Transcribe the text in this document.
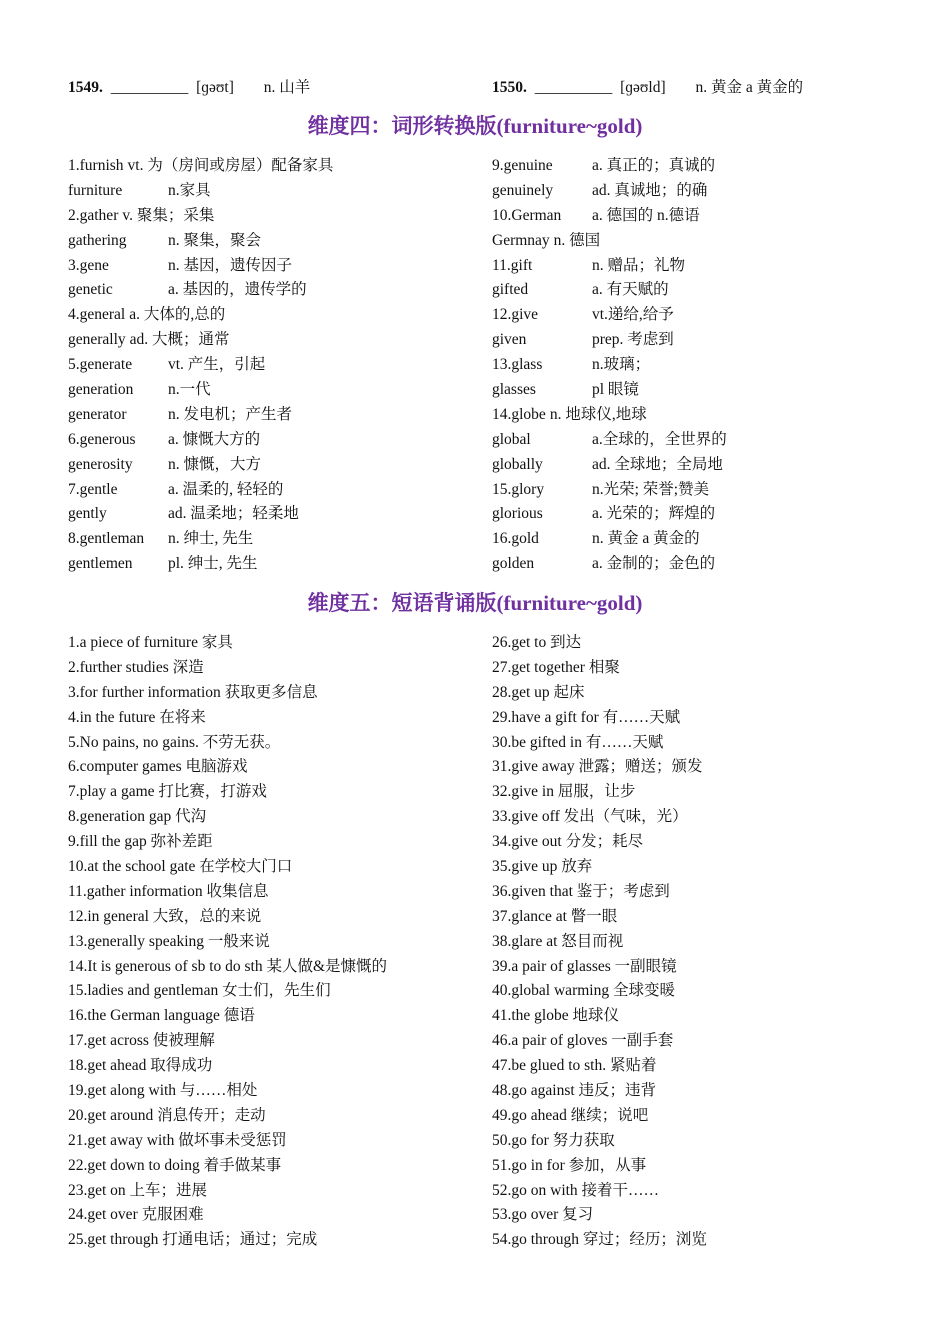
1549. __________ [ɡəʊt] n. 山羊	1550. __________ [ɡəʊld] n. 黄金 a 黄金的
维度四：词形转换版(furniture~gold)
1.furnish vt. 为（房间或房屋）配备家具
furniture	n.家具
2.gather v. 聚集；采集
gathering	n. 聚集，聚会
3.gene	n. 基因，遗传因子
genetic	a. 基因的，遗传学的
4.general a. 大体的,总的
generally ad. 大概；通常
5.generate vt. 产生，引起
generation n.一代
generator	n. 发电机；产生者
6.generous a. 慷慨大方的
generosity n. 慷慨，大方
7.gentle	a. 温柔的, 轻轻的
gently	ad. 温柔地；轻柔地
8.gentleman n. 绅士, 先生
gentlemen pl. 绅士, 先生
9.genuine	a. 真正的；真诚的
genuinely	ad. 真诚地；的确
10.German a. 德国的 n.德语
Germnay n. 德国
11.gift	n. 赠品；礼物
gifted	a. 有天赋的
12.give	vt.递给,给予
given	prep. 考虑到
13.glass	n.玻璃；
glasses	pl 眼镜
14.globe n. 地球仪,地球
global	a.全球的，全世界的
globally	ad. 全球地；全局地
15.glory	n.光荣; 荣誉;赞美
glorious	a. 光荣的；辉煌的
16.gold	n. 黄金 a 黄金的
golden	a. 金制的；金色的
维度五：短语背诵版(furniture~gold)
1.a piece of furniture 家具
2.further studies 深造
3.for further information 获取更多信息
4.in the future 在将来
5.No pains, no gains. 不劳无获。
6.computer games 电脑游戏
7.play a game 打比赛，打游戏
8.generation gap 代沟
9.fill the gap 弥补差距
10.at the school gate 在学校大门口
11.gather information 收集信息
12.in general 大致，总的来说
13.generally speaking 一般来说
14.It is generous of sb to do sth 某人做&是慷慨的
15.ladies and gentleman 女士们，先生们
16.the German language 德语
17.get across 使被理解
18.get ahead 取得成功
19.get along with 与……相处
20.get around 消息传开；走动
21.get away with 做坏事未受惩罚
22.get down to doing 着手做某事
23.get on 上车；进展
24.get over 克服困难
25.get through 打通电话；通过；完成
26.get to 到达
27.get together 相聚
28.get up 起床
29.have a gift for 有……天赋
30.be gifted in 有……天赋
31.give away 泄露；赠送；颁发
32.give in 屈服，让步
33.give off 发出（气味，光）
34.give out 分发；耗尽
35.give up 放弃
36.given that 鉴于；考虑到
37.glance at 瞥一眼
38.glare at 怒目而视
39.a pair of glasses 一副眼镜
40.global warming 全球变暖
41.the globe 地球仪
46.a pair of gloves 一副手套
47.be glued to sth. 紧贴着
48.go against 违反；违背
49.go ahead 继续；说吧
50.go for 努力获取
51.go in for 参加，从事
52.go on with 接着干……
53.go over 复习
54.go through 穿过；经历；浏览
